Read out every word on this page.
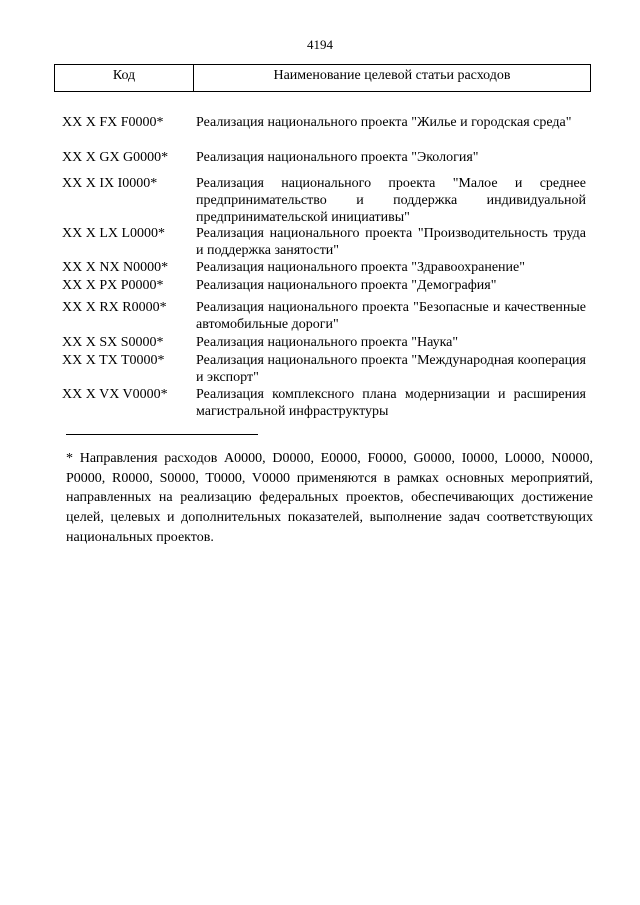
4194
Код	Наименование целевой статьи расходов
XX X FX F0000*	Реализация национального проекта "Жилье и городская среда"
XX X GX G0000*	Реализация национального проекта "Экология"
XX X IX I0000*	Реализация национального проекта "Малое и среднее предпринимательство и поддержка индивидуальной предпринимательской инициативы"
XX X LX L0000*	Реализация национального проекта "Производительность труда и поддержка занятости"
XX X NX N0000*	Реализация национального проекта "Здравоохранение"
XX X PX P0000*	Реализация национального проекта "Демография"
XX X RX R0000*	Реализация национального проекта "Безопасные и качественные автомобильные дороги"
XX X SX S0000*	Реализация национального проекта "Наука"
XX X TX T0000*	Реализация национального проекта "Международная кооперация и экспорт"
XX X VX V0000*	Реализация комплексного плана модернизации и расширения магистральной инфраструктуры
* Направления расходов A0000, D0000, E0000, F0000, G0000, I0000, L0000, N0000, P0000, R0000, S0000, T0000, V0000 применяются в рамках основных мероприятий, направленных на реализацию федеральных проектов, обеспечивающих достижение целей, целевых и дополнительных показателей, выполнение задач соответствующих национальных проектов.
